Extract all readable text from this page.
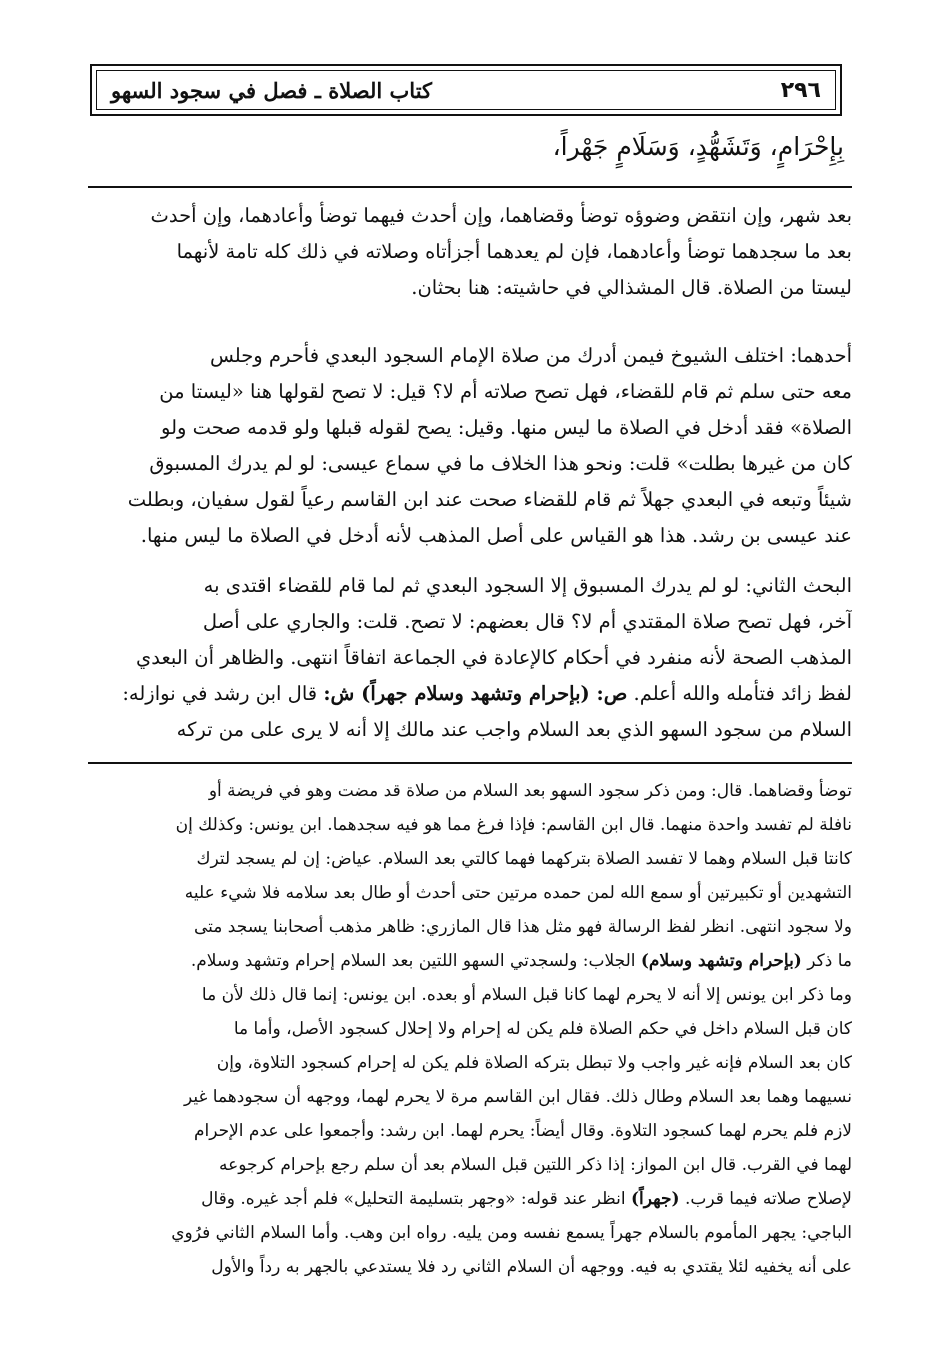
٢٩٦
كتاب الصلاة ـ فصل في سجود السهو
بِإِحْرَامٍ، وَتَشَهُّدٍ، وَسَلَامٍ جَهْراً،
بعد شهر، وإن انتقض وضوؤه توضأ وقضاهما، وإن أحدث فيهما توضأ وأعادهما، وإن أحدث
بعد ما سجدهما توضأ وأعادهما، فإن لم يعدهما أجزأتاه وصلاته في ذلك كله تامة لأنهما
ليستا من الصلاة. قال المشذالي في حاشيته: هنا بحثان.
أحدهما: اختلف الشيوخ فيمن أدرك من صلاة الإمام السجود البعدي فأحرم وجلس
معه حتى سلم ثم قام للقضاء، فهل تصح صلاته أم لا؟ قيل: لا تصح لقولها هنا «ليستا من
الصلاة» فقد أدخل في الصلاة ما ليس منها. وقيل: يصح لقوله قبلها ولو قدمه صحت ولو
كان من غيرها بطلت» قلت: ونحو هذا الخلاف ما في سماع عيسى: لو لم يدرك المسبوق
شيئاً وتبعه في البعدي جهلاً ثم قام للقضاء صحت عند ابن القاسم رعياً لقول سفيان، وبطلت
عند عيسى بن رشد. هذا هو القياس على أصل المذهب لأنه أدخل في الصلاة ما ليس منها.
البحث الثاني: لو لم يدرك المسبوق إلا السجود البعدي ثم لما قام للقضاء اقتدى به
آخر، فهل تصح صلاة المقتدي أم لا؟ قال بعضهم: لا تصح. قلت: والجاري على أصل
المذهب الصحة لأنه منفرد في أحكام كالإعادة في الجماعة اتفاقاً انتهى. والظاهر أن البعدي
لفظ زائد فتأمله والله أعلم. ص: (بإحرام وتشهد وسلام جهراً) ش: قال ابن رشد في نوازله:
السلام من سجود السهو الذي بعد السلام واجب عند مالك إلا أنه لا يرى على من تركه
توضأ وقضاهما. قال: ومن ذكر سجود السهو بعد السلام من صلاة قد مضت وهو في فريضة أو
نافلة لم تفسد واحدة منهما. قال ابن القاسم: فإذا فرغ مما هو فيه سجدهما. ابن يونس: وكذلك إن
كانتا قبل السلام وهما لا تفسد الصلاة بتركهما فهما كالتي بعد السلام. عياض: إن لم يسجد لترك
التشهدين أو تكبيرتين أو سمع الله لمن حمده مرتين حتى أحدث أو طال بعد سلامه فلا شيء عليه
ولا سجود انتهى. انظر لفظ الرسالة فهو مثل هذا قال المازري: ظاهر مذهب أصحابنا يسجد متى
ما ذكر (بإحرام وتشهد وسلام) الجلاب: ولسجدتي السهو اللتين بعد السلام إحرام وتشهد وسلام.
وما ذكر ابن يونس إلا أنه لا يحرم لهما كانا قبل السلام أو بعده. ابن يونس: إنما قال ذلك لأن ما
كان قبل السلام داخل في حكم الصلاة فلم يكن له إحرام ولا إحلال كسجود الأصل، وأما ما
كان بعد السلام فإنه غير واجب ولا تبطل بتركه الصلاة فلم يكن له إحرام كسجود التلاوة، وإن
نسيهما وهما بعد السلام وطال ذلك. فقال ابن القاسم مرة لا يحرم لهما، ووجهه أن سجودهما غير
لازم فلم يحرم لهما كسجود التلاوة. وقال أيضاً: يحرم لهما. ابن رشد: وأجمعوا على عدم الإحرام
لهما في القرب. قال ابن المواز: إذا ذكر اللتين قبل السلام بعد أن سلم رجع بإحرام كرجوعه
لإصلاح صلاته فيما قرب. (جهراً) انظر عند قوله: «وجهر بتسليمة التحليل» فلم أجد غيره. وقال
الباجي: يجهر المأموم بالسلام جهراً يسمع نفسه ومن يليه. رواه ابن وهب. وأما السلام الثاني فرُوي
على أنه يخفيه لئلا يقتدي به فيه. ووجهه أن السلام الثاني رد فلا يستدعي بالجهر به رداً والأول
